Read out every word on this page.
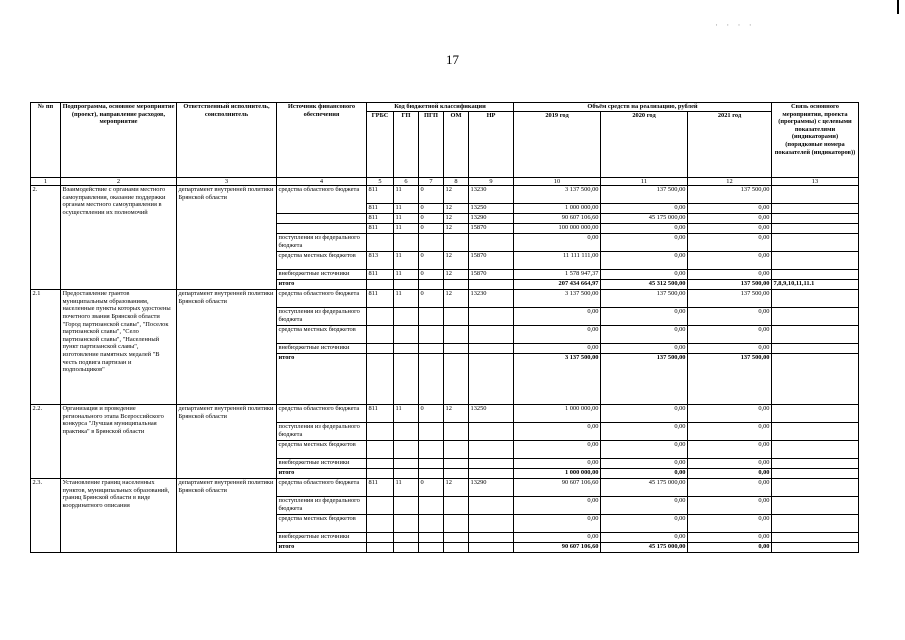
· · · ·
17
№ пп	Подпрограмма, основное мероприятие (проект), направление расходов, мероприятие	Ответственный исполнитель, соисполнитель	Источник финансового обеспечения	Код бюджетной классификации					Объём средств на реализацию, рублей			Связь основного мероприятия, проекта (программы) с целевыми показателями (индикаторами) (порядковые номера показателей (индикаторов))
				ГРБС	ГП	ПГП	ОМ	НР	2019 год	2020 год	2021 год	
1	2	3	4	5	6	7	8	9	10	11	12	13
2.	Взаимодействие с органами местного самоуправления, оказание поддержки органам местного самоуправления в осуществлении их полномочий	департамент внутренней политики Брянской области	средства областного бюджета	811	11	0	12	13230	3 137 500,00	137 500,00	137 500,00	
				811	11	0	12	13250	1 000 000,00	0,00	0,00	
				811	11	0	12	13290	90 607 106,60	45 175 000,00	0,00	
				811	11	0	12	15870	100 000 000,00	0,00	0,00	
			поступления из федерального бюджета						0,00	0,00	0,00	
			средства местных бюджетов	813	11	0	12	15870	11 111 111,00	0,00	0,00	
			внебюджетные источники	811	11	0	12	15870	1 578 947,37	0,00	0,00	
			итого						207 434 664,97	45 312 500,00	137 500,00	7,8,9,10,11,11.1
2.1	Предоставление грантов муниципальным образованиям, населенные пункты которых удостоены почетного звания Брянской области "Город партизанской славы", "Поселок партизанской славы", "Село партизанской славы", "Населенный пункт партизанской славы", изготовление памятных медалей "В честь подвига партизан и подпольщиков"	департамент внутренней политики Брянской области	средства областного бюджета	811	11	0	12	13230	3 137 500,00	137 500,00	137 500,00	
			поступления из федерального бюджета						0,00	0,00	0,00	
			средства местных бюджетов						0,00	0,00	0,00	
			внебюджетные источники						0,00	0,00	0,00	
			итого						3 137 500,00	137 500,00	137 500,00	
2.2.	Организация и проведение регионального этапа Всероссийского конкурса "Лучшая муниципальная практика" в Брянской области	департамент внутренней политики Брянской области	средства областного бюджета	811	11	0	12	13250	1 000 000,00	0,00	0,00	
			поступления из федерального бюджета						0,00	0,00	0,00	
			средства местных бюджетов						0,00	0,00	0,00	
			внебюджетные источники						0,00	0,00	0,00	
			итого						1 000 000,00	0,00	0,00	
2.3.	Установление границ населенных пунктов, муниципальных образований, границ Брянской области в виде координатного описания	департамент внутренней политики Брянской области	средства областного бюджета	811	11	0	12	13290	90 607 106,60	45 175 000,00	0,00	
			поступления из федерального бюджета						0,00	0,00	0,00	
			средства местных бюджетов						0,00	0,00	0,00	
			внебюджетные источники						0,00	0,00	0,00	
			итого						90 607 106,60	45 175 000,00	0,00	
